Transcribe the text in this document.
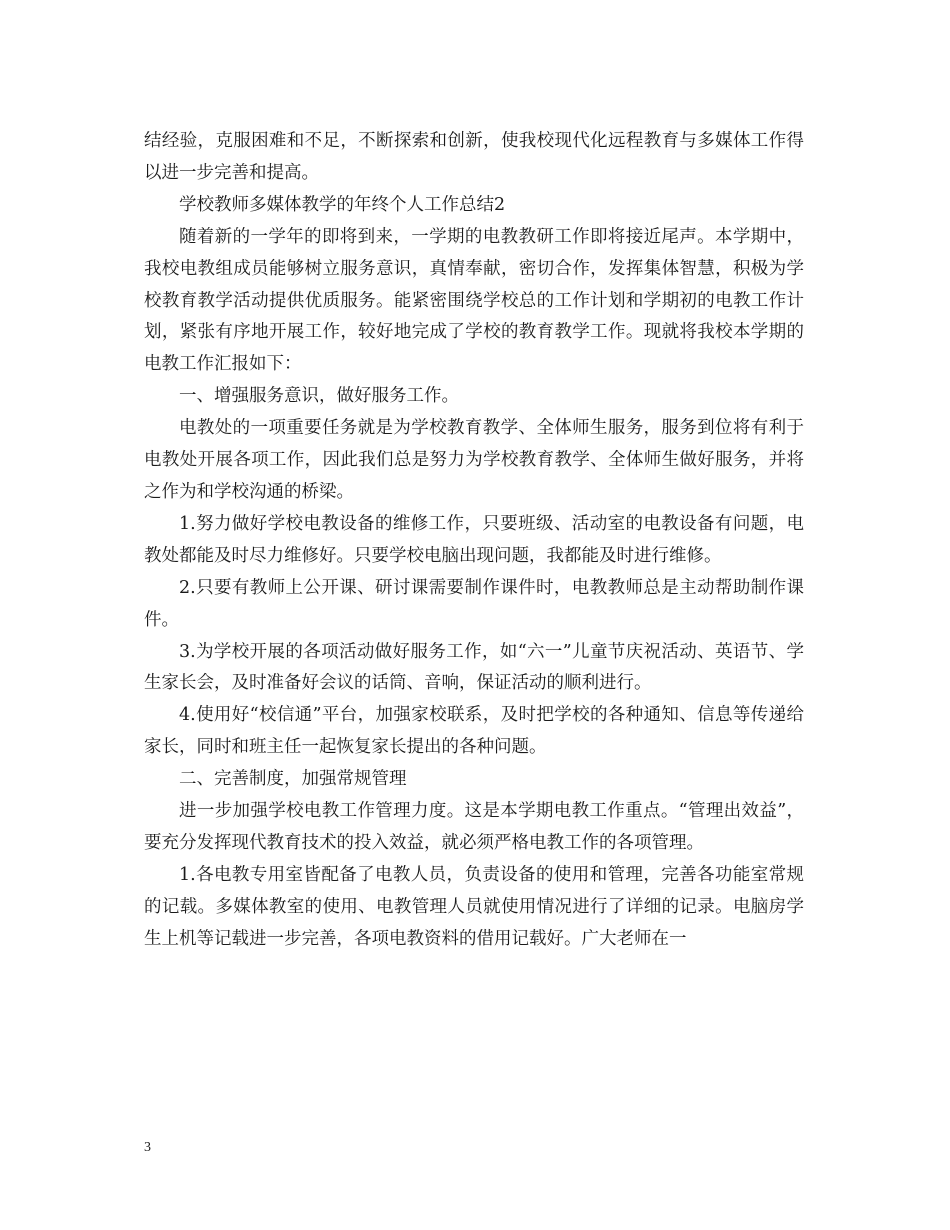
结经验，克服困难和不足，不断探索和创新，使我校现代化远程教育与多媒体工作得以进一步完善和提高。

学校教师多媒体教学的年终个人工作总结2

随着新的一学年的即将到来，一学期的电教教研工作即将接近尾声。本学期中，我校电教组成员能够树立服务意识，真情奉献，密切合作，发挥集体智慧，积极为学校教育教学活动提供优质服务。能紧密围绕学校总的工作计划和学期初的电教工作计划，紧张有序地开展工作，较好地完成了学校的教育教学工作。现就将我校本学期的电教工作汇报如下：

一、增强服务意识，做好服务工作。

电教处的一项重要任务就是为学校教育教学、全体师生服务，服务到位将有利于电教处开展各项工作，因此我们总是努力为学校教育教学、全体师生做好服务，并将之作为和学校沟通的桥梁。

1.努力做好学校电教设备的维修工作，只要班级、活动室的电教设备有问题，电教处都能及时尽力维修好。只要学校电脑出现问题，我都能及时进行维修。

2.只要有教师上公开课、研讨课需要制作课件时，电教教师总是主动帮助制作课件。

3.为学校开展的各项活动做好服务工作，如“六一”儿童节庆祝活动、英语节、学生家长会，及时准备好会议的话筒、音响，保证活动的顺利进行。

4.使用好“校信通”平台，加强家校联系，及时把学校的各种通知、信息等传递给家长，同时和班主任一起恢复家长提出的各种问题。

二、完善制度，加强常规管理

进一步加强学校电教工作管理力度。这是本学期电教工作重点。“管理出效益”，要充分发挥现代教育技术的投入效益，就必须严格电教工作的各项管理。

1.各电教专用室皆配备了电教人员，负责设备的使用和管理，完善各功能室常规的记载。多媒体教室的使用、电教管理人员就使用情况进行了详细的记录。电脑房学生上机等记载进一步完善，各项电教资料的借用记载好。广大老师在一

3
